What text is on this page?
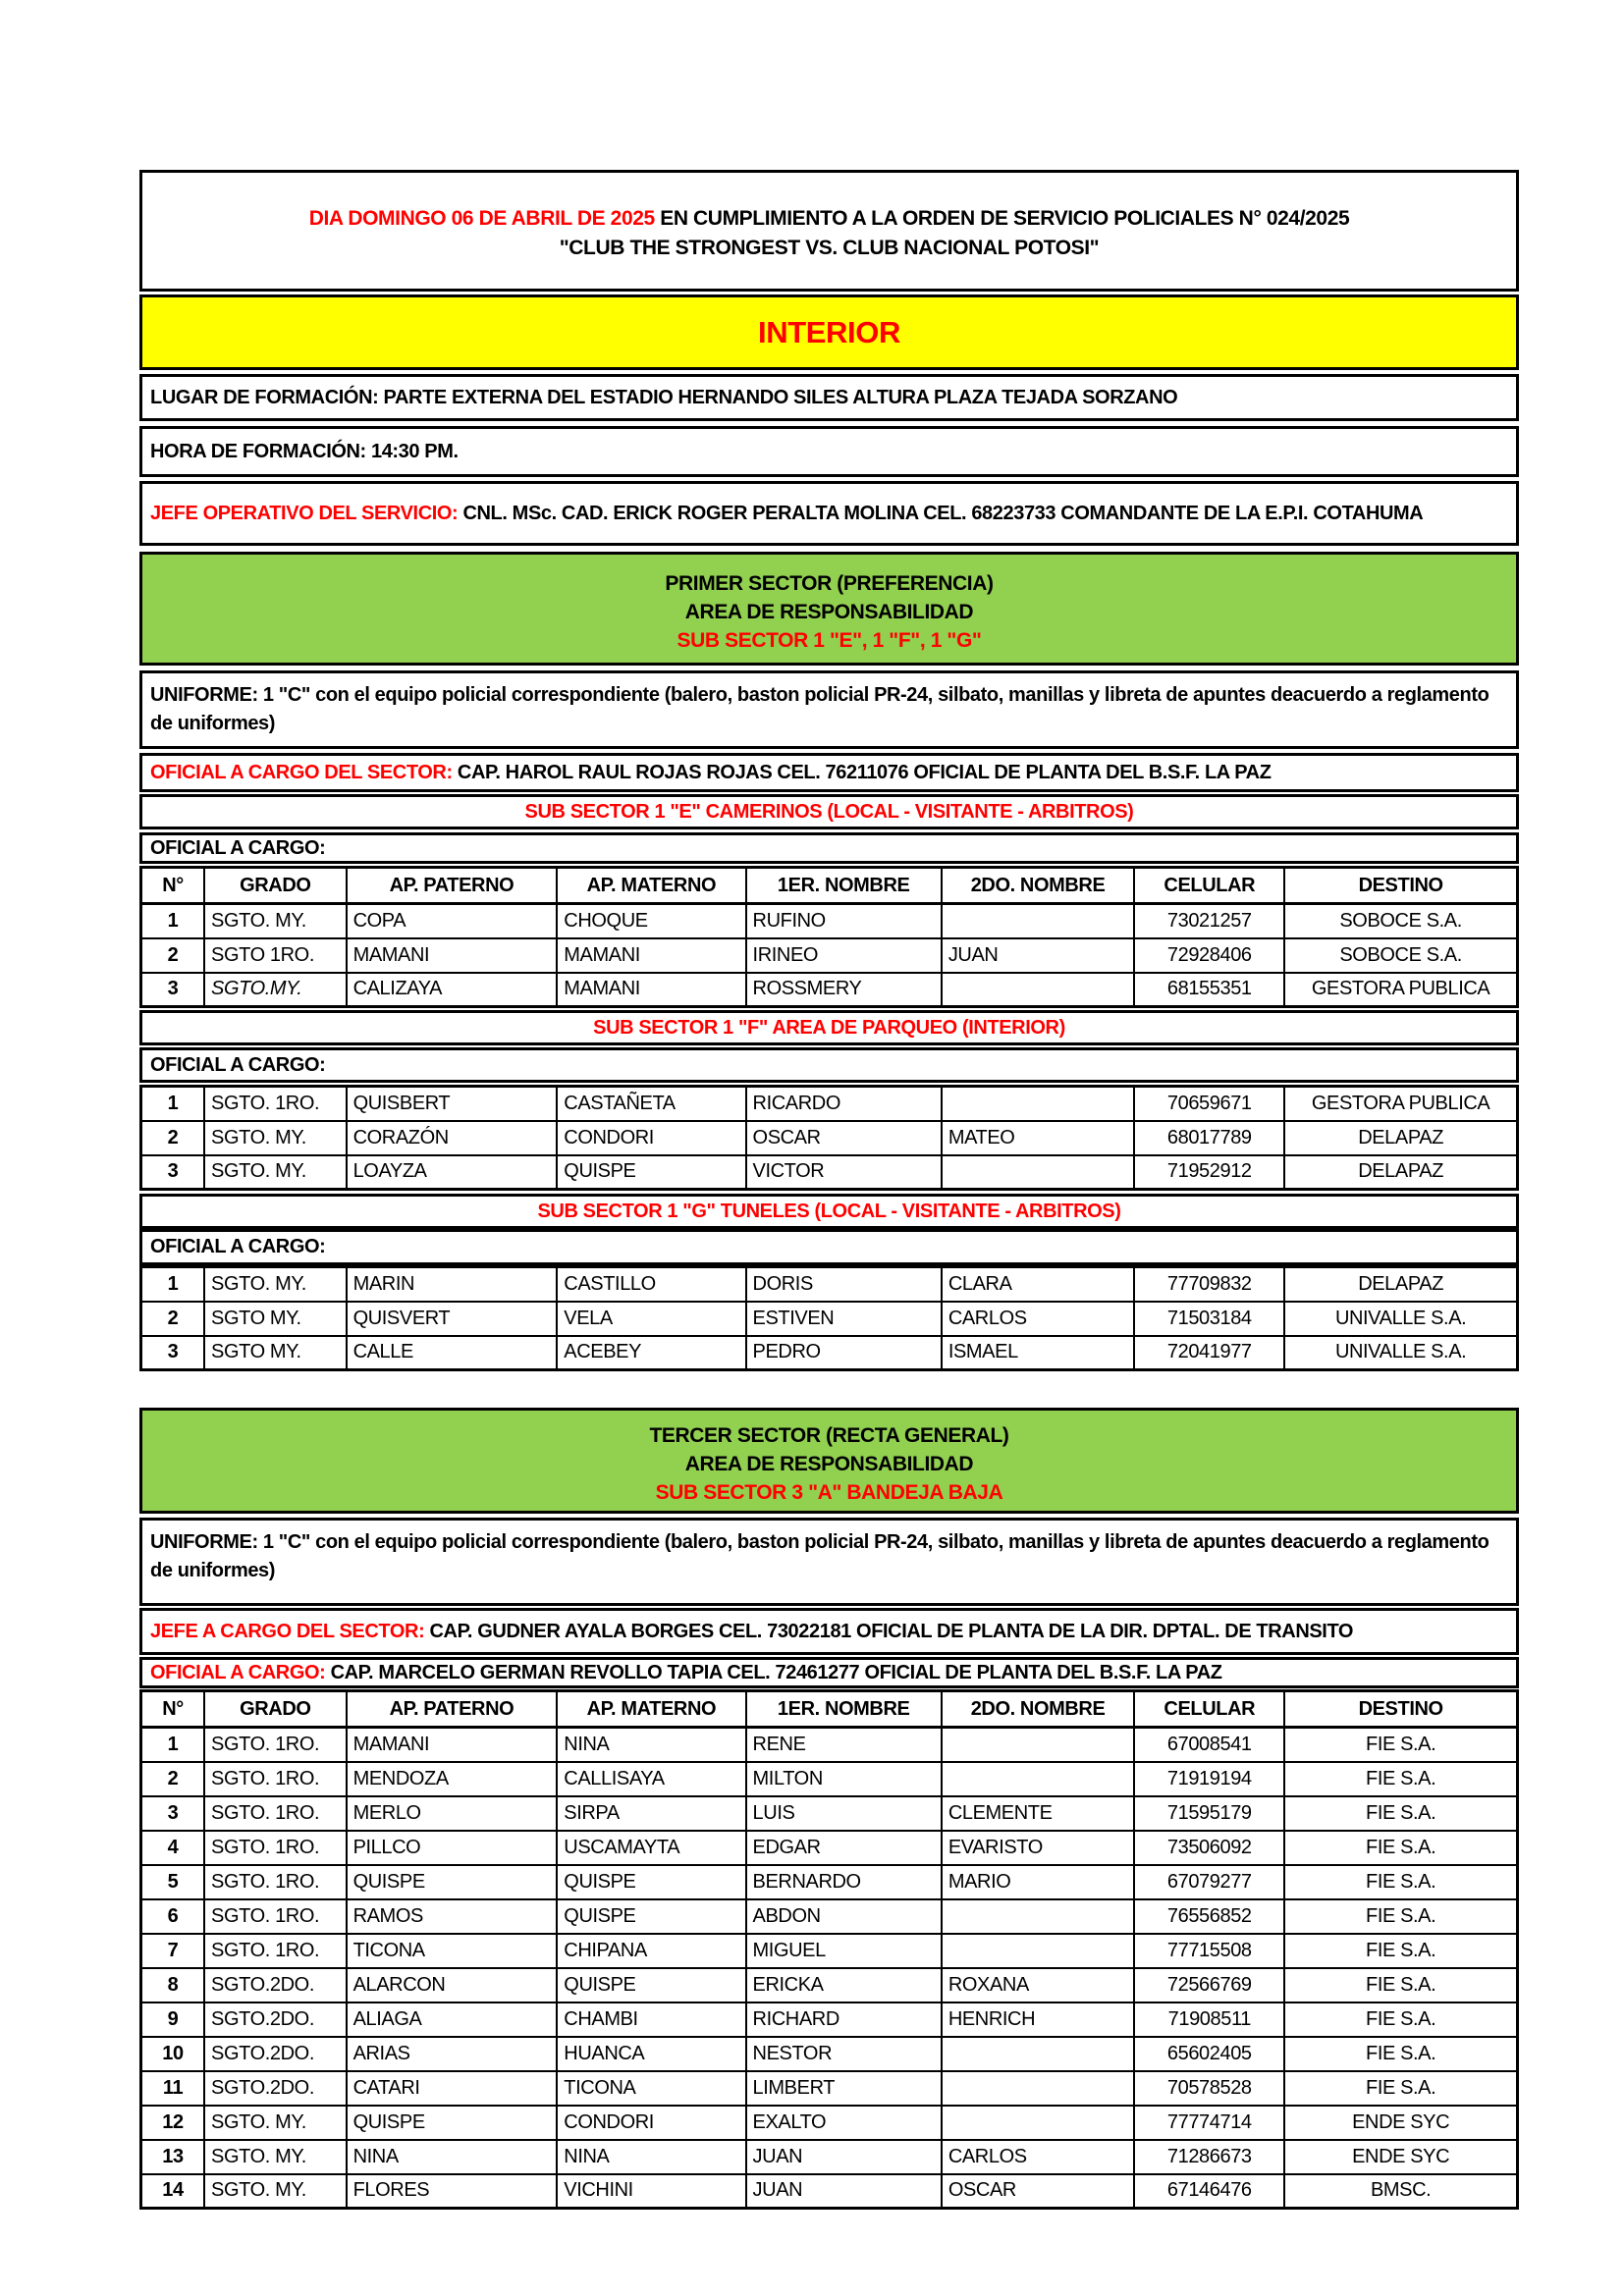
DIA DOMINGO 06 DE ABRIL DE 2025 EN CUMPLIMIENTO A LA ORDEN DE SERVICIO POLICIALES N° 024/2025
"CLUB THE STRONGEST VS. CLUB NACIONAL POTOSI"
INTERIOR
LUGAR DE FORMACIÓN: PARTE EXTERNA DEL ESTADIO HERNANDO SILES ALTURA PLAZA TEJADA SORZANO
HORA DE FORMACIÓN: 14:30 PM.
JEFE OPERATIVO DEL SERVICIO: CNL. MSc. CAD. ERICK ROGER PERALTA MOLINA CEL. 68223733 COMANDANTE DE LA E.P.I. COTAHUMA
PRIMER SECTOR (PREFERENCIA)
AREA DE RESPONSABILIDAD
SUB SECTOR 1 "E", 1 "F", 1 "G"
UNIFORME: 1 "C" con el equipo policial correspondiente (balero, baston policial PR-24, silbato, manillas y libreta de apuntes deacuerdo a reglamento de uniformes)
OFICIAL A CARGO DEL SECTOR: CAP. HAROL RAUL ROJAS ROJAS CEL. 76211076 OFICIAL DE PLANTA DEL B.S.F. LA PAZ
SUB SECTOR 1 "E" CAMERINOS (LOCAL - VISITANTE - ARBITROS)
OFICIAL A CARGO:
N°	GRADO	AP. PATERNO	AP. MATERNO	1ER. NOMBRE	2DO. NOMBRE	CELULAR	DESTINO
1	SGTO. MY.	COPA	CHOQUE	RUFINO		73021257	SOBOCE S.A.
2	SGTO 1RO.	MAMANI	MAMANI	IRINEO	JUAN	72928406	SOBOCE S.A.
3	SGTO.MY.	CALIZAYA	MAMANI	ROSSMERY		68155351	GESTORA PUBLICA
SUB SECTOR 1 "F" AREA DE PARQUEO (INTERIOR)
OFICIAL A CARGO:
1	SGTO. 1RO.	QUISBERT	CASTAÑETA	RICARDO		70659671	GESTORA PUBLICA
2	SGTO. MY.	CORAZÓN	CONDORI	OSCAR	MATEO	68017789	DELAPAZ
3	SGTO. MY.	LOAYZA	QUISPE	VICTOR		71952912	DELAPAZ
SUB SECTOR 1 "G" TUNELES (LOCAL - VISITANTE - ARBITROS)
OFICIAL A CARGO:
1	SGTO. MY.	MARIN	CASTILLO	DORIS	CLARA	77709832	DELAPAZ
2	SGTO MY.	QUISVERT	VELA	ESTIVEN	CARLOS	71503184	UNIVALLE S.A.
3	SGTO MY.	CALLE	ACEBEY	PEDRO	ISMAEL	72041977	UNIVALLE S.A.
TERCER SECTOR (RECTA GENERAL)
AREA DE RESPONSABILIDAD
SUB SECTOR 3 "A" BANDEJA BAJA
UNIFORME: 1 "C" con el equipo policial correspondiente (balero, baston policial PR-24, silbato, manillas y libreta de apuntes deacuerdo a reglamento de uniformes)
JEFE A CARGO DEL SECTOR: CAP. GUDNER AYALA BORGES CEL. 73022181 OFICIAL DE PLANTA DE LA DIR. DPTAL. DE TRANSITO
OFICIAL A CARGO: CAP. MARCELO GERMAN REVOLLO TAPIA CEL. 72461277 OFICIAL DE PLANTA DEL B.S.F. LA PAZ
N°	GRADO	AP. PATERNO	AP. MATERNO	1ER. NOMBRE	2DO. NOMBRE	CELULAR	DESTINO
1	SGTO. 1RO.	MAMANI	NINA	RENE		67008541	FIE S.A.
2	SGTO. 1RO.	MENDOZA	CALLISAYA	MILTON		71919194	FIE S.A.
3	SGTO. 1RO.	MERLO	SIRPA	LUIS	CLEMENTE	71595179	FIE S.A.
4	SGTO. 1RO.	PILLCO	USCAMAYTA	EDGAR	EVARISTO	73506092	FIE S.A.
5	SGTO. 1RO.	QUISPE	QUISPE	BERNARDO	MARIO	67079277	FIE S.A.
6	SGTO. 1RO.	RAMOS	QUISPE	ABDON		76556852	FIE S.A.
7	SGTO. 1RO.	TICONA	CHIPANA	MIGUEL		77715508	FIE S.A.
8	SGTO.2DO.	ALARCON	QUISPE	ERICKA	ROXANA	72566769	FIE S.A.
9	SGTO.2DO.	ALIAGA	CHAMBI	RICHARD	HENRICH	71908511	FIE S.A.
10	SGTO.2DO.	ARIAS	HUANCA	NESTOR		65602405	FIE S.A.
11	SGTO.2DO.	CATARI	TICONA	LIMBERT		70578528	FIE S.A.
12	SGTO. MY.	QUISPE	CONDORI	EXALTO		77774714	ENDE SYC
13	SGTO. MY.	NINA	NINA	JUAN	CARLOS	71286673	ENDE SYC
14	SGTO. MY.	FLORES	VICHINI	JUAN	OSCAR	67146476	BMSC.
